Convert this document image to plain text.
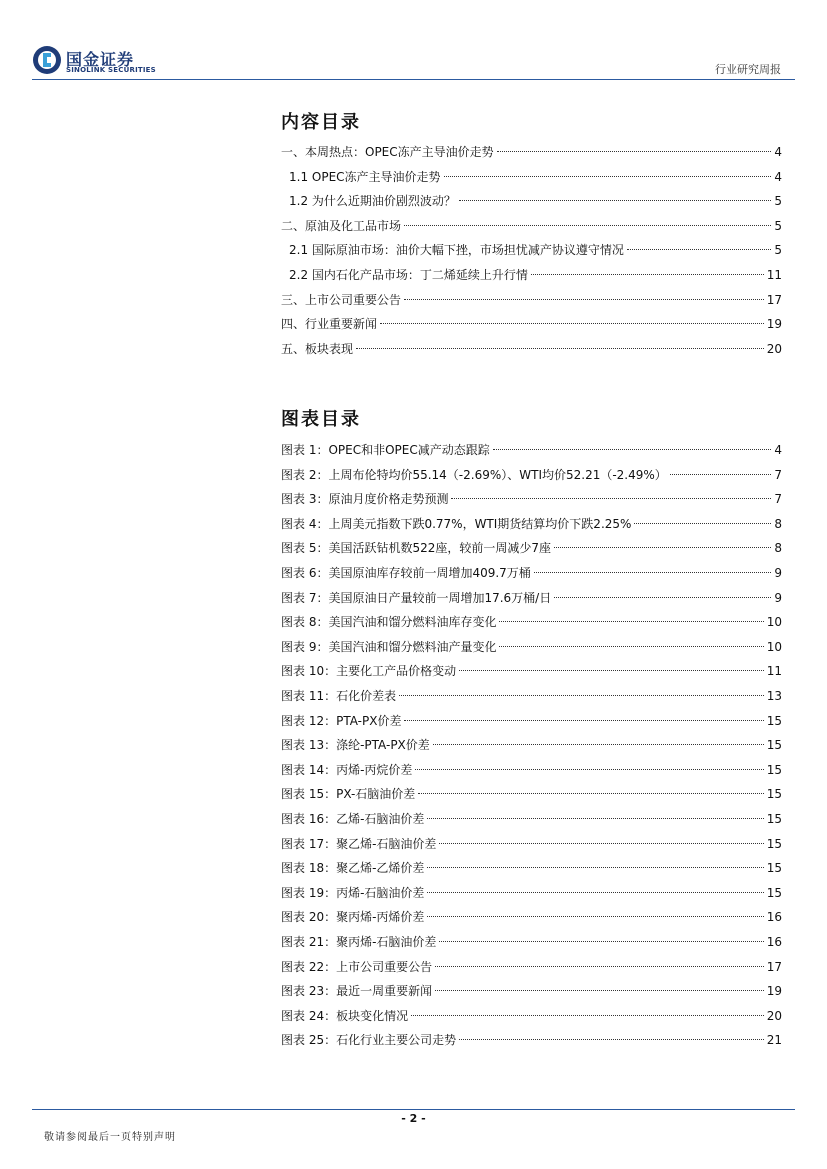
国金证券
SINOLINK SECURITIES	行业研究周报
内容目录
一、本周热点：OPEC冻产主导油价走势	4
1.1 OPEC冻产主导油价走势	4
1.2 为什么近期油价剧烈波动？	5
二、原油及化工品市场	5
2.1 国际原油市场：油价大幅下挫，市场担忧减产协议遵守情况	5
2.2 国内石化产品市场：丁二烯延续上升行情	11
三、上市公司重要公告	17
四、行业重要新闻	19
五、板块表现	20
图表目录
图表 1：OPEC和非OPEC减产动态跟踪	4
图表 2：上周布伦特均价55.14（-2.69%）、WTI均价52.21（-2.49%）	7
图表 3：原油月度价格走势预测	7
图表 4：上周美元指数下跌0.77%，WTI期货结算均价下跌2.25%	8
图表 5：美国活跃钻机数522座，较前一周减少7座	8
图表 6：美国原油库存较前一周增加409.7万桶	9
图表 7：美国原油日产量较前一周增加17.6万桶/日	9
图表 8：美国汽油和馏分燃料油库存变化	10
图表 9：美国汽油和馏分燃料油产量变化	10
图表 10：主要化工产品价格变动	11
图表 11：石化价差表	13
图表 12：PTA-PX价差	15
图表 13：涤纶-PTA-PX价差	15
图表 14：丙烯-丙烷价差	15
图表 15：PX-石脑油价差	15
图表 16：乙烯-石脑油价差	15
图表 17：聚乙烯-石脑油价差	15
图表 18：聚乙烯-乙烯价差	15
图表 19：丙烯-石脑油价差	15
图表 20：聚丙烯-丙烯价差	16
图表 21：聚丙烯-石脑油价差	16
图表 22：上市公司重要公告	17
图表 23：最近一周重要新闻	19
图表 24：板块变化情况	20
图表 25：石化行业主要公司走势	21
- 2 -
敬请参阅最后一页特别声明
